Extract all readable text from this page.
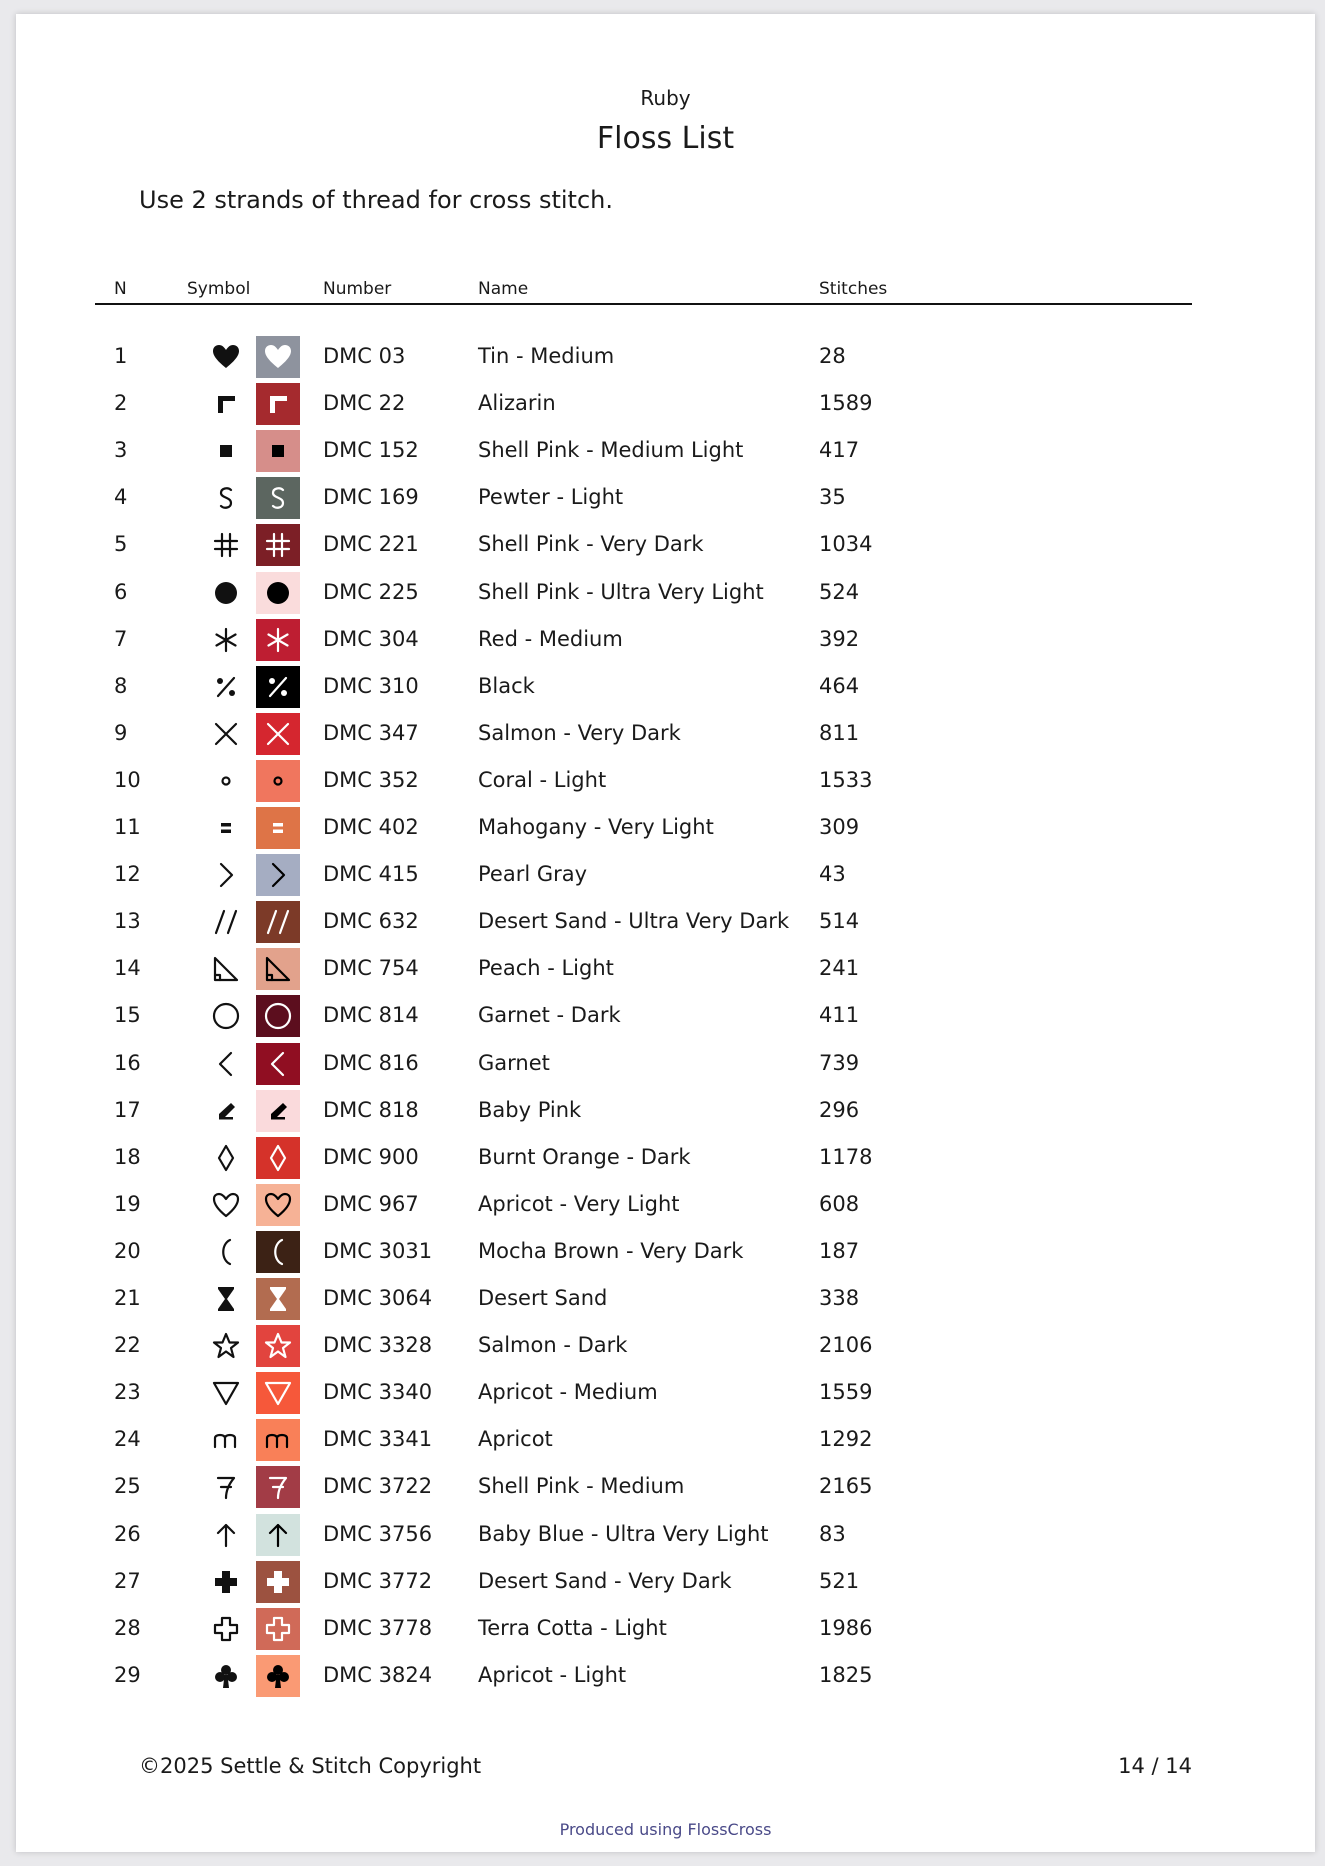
Ruby
Floss List
Use 2 strands of thread for cross stitch.
N	Symbol	Number	Name	Stitches
1	DMC 03	Tin - Medium	28
2	DMC 22	Alizarin	1589
3	DMC 152	Shell Pink - Medium Light	417
4	DMC 169	Pewter - Light	35
5	DMC 221	Shell Pink - Very Dark	1034
6	DMC 225	Shell Pink - Ultra Very Light	524
7	DMC 304	Red - Medium	392
8	DMC 310	Black	464
9	DMC 347	Salmon - Very Dark	811
10	DMC 352	Coral - Light	1533
11	DMC 402	Mahogany - Very Light	309
12	DMC 415	Pearl Gray	43
13	DMC 632	Desert Sand - Ultra Very Dark 514
14	DMC 754	Peach - Light	241
15	DMC 814	Garnet - Dark	411
16	DMC 816	Garnet	739
17	DMC 818	Baby Pink	296
18	DMC 900	Burnt Orange - Dark	1178
19	DMC 967	Apricot - Very Light	608
20	DMC 3031 Mocha Brown - Very Dark	187
21	DMC 3064 Desert Sand	338
22	DMC 3328 Salmon - Dark	2106
23	DMC 3340 Apricot - Medium	1559
24	DMC 3341 Apricot	1292
25	DMC 3722 Shell Pink - Medium	2165
26	DMC 3756 Baby Blue - Ultra Very Light 83
27	DMC 3772 Desert Sand - Very Dark	521
28	DMC 3778 Terra Cotta - Light	1986
29	DMC 3824 Apricot - Light	1825
©2025 Settle & Stitch Copyright	14 / 14
Produced using FlossCross
